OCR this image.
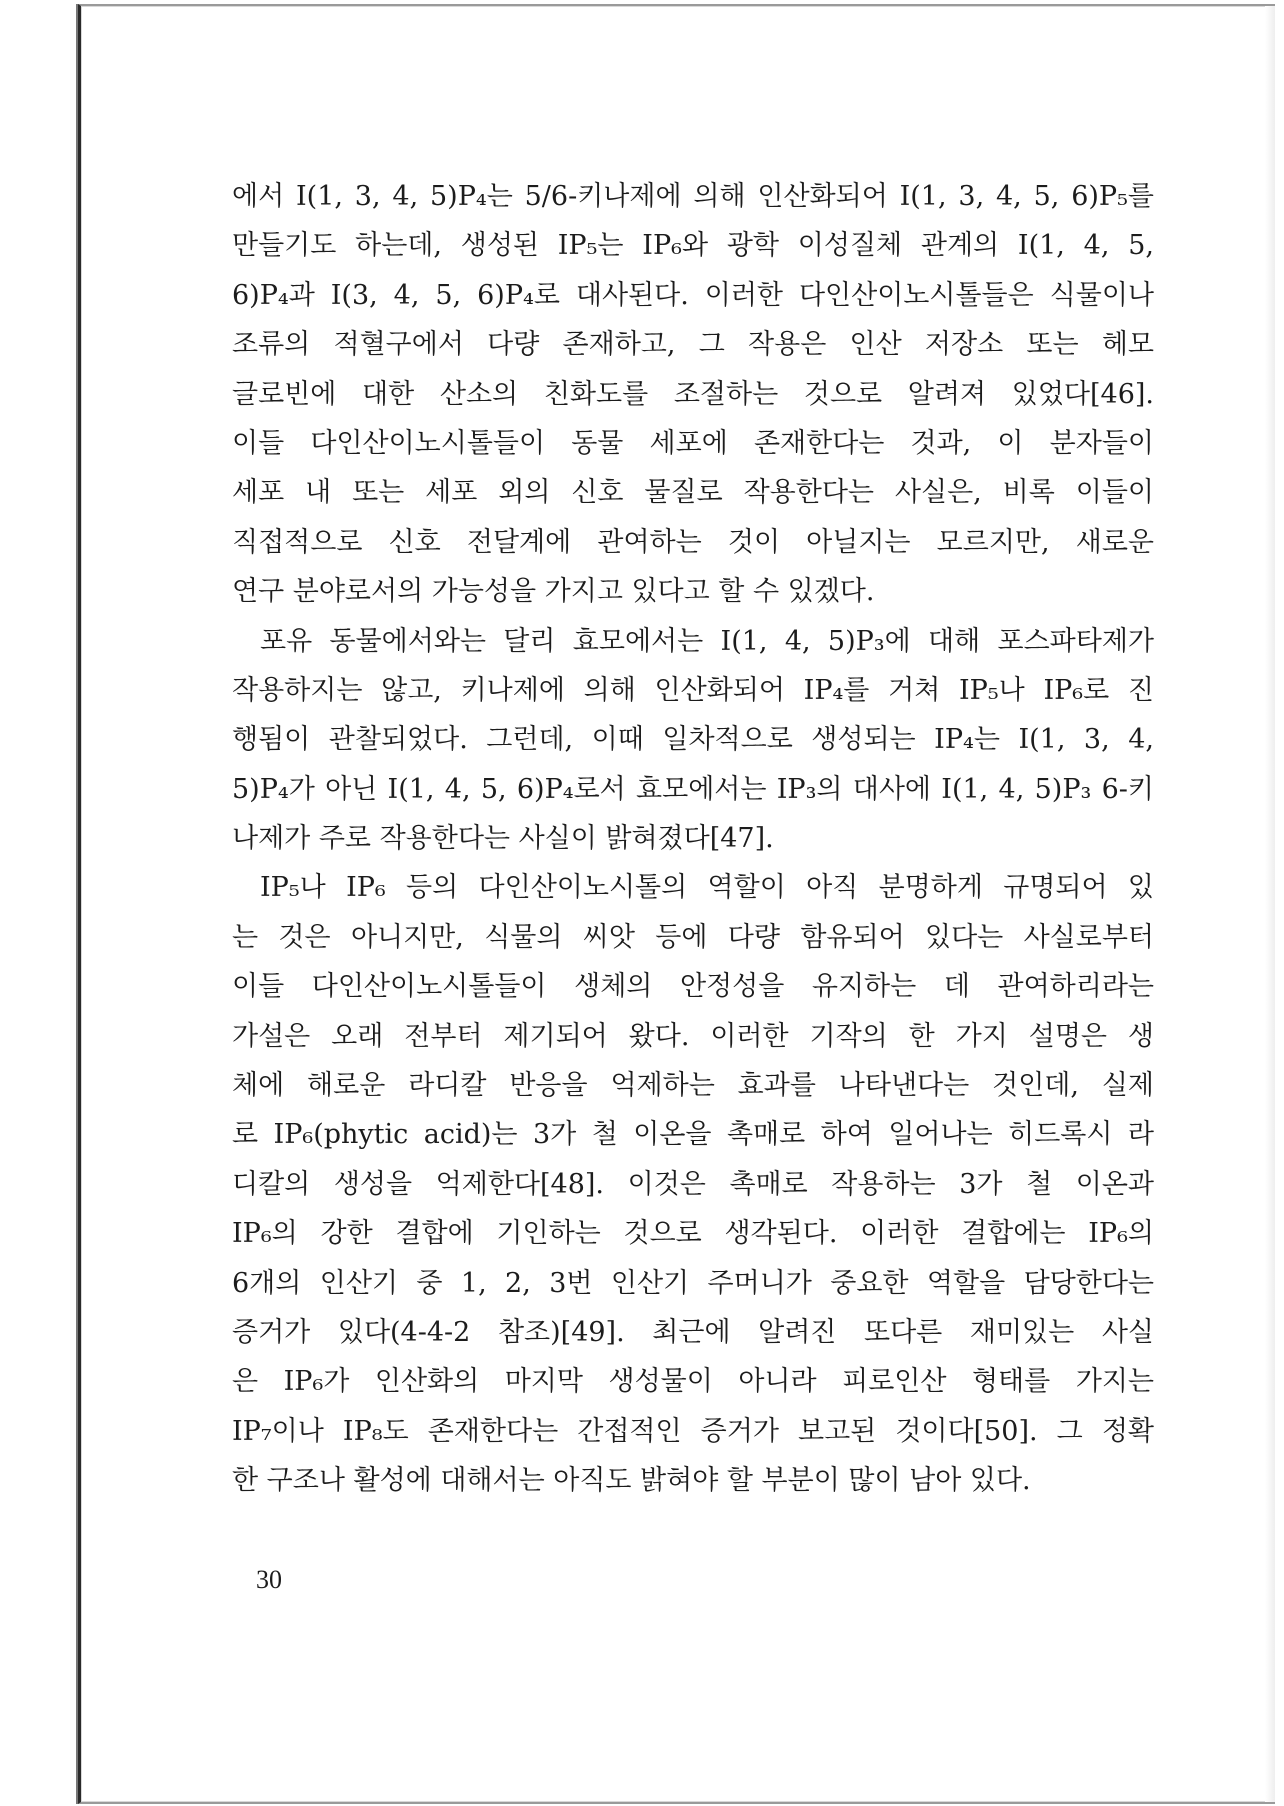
에서 I(1, 3, 4, 5)P₄는 5/6-키나제에 의해 인산화되어 I(1, 3, 4, 5, 6)P₅를
만들기도 하는데, 생성된 IP₅는 IP₆와 광학 이성질체 관계의 I(1, 4, 5,
6)P₄과 I(3, 4, 5, 6)P₄로 대사된다. 이러한 다인산이노시톨들은 식물이나
조류의 적혈구에서 다량 존재하고, 그 작용은 인산 저장소 또는 헤모
글로빈에 대한 산소의 친화도를 조절하는 것으로 알려져 있었다[46].
이들 다인산이노시톨들이 동물 세포에 존재한다는 것과, 이 분자들이
세포 내 또는 세포 외의 신호 물질로 작용한다는 사실은, 비록 이들이
직접적으로 신호 전달계에 관여하는 것이 아닐지는 모르지만, 새로운
연구 분야로서의 가능성을 가지고 있다고 할 수 있겠다.
포유 동물에서와는 달리 효모에서는 I(1, 4, 5)P₃에 대해 포스파타제가
작용하지는 않고, 키나제에 의해 인산화되어 IP₄를 거쳐 IP₅나 IP₆로 진
행됨이 관찰되었다. 그런데, 이때 일차적으로 생성되는 IP₄는 I(1, 3, 4,
5)P₄가 아닌 I(1, 4, 5, 6)P₄로서 효모에서는 IP₃의 대사에 I(1, 4, 5)P₃ 6-키
나제가 주로 작용한다는 사실이 밝혀졌다[47].
IP₅나 IP₆ 등의 다인산이노시톨의 역할이 아직 분명하게 규명되어 있
는 것은 아니지만, 식물의 씨앗 등에 다량 함유되어 있다는 사실로부터
이들 다인산이노시톨들이 생체의 안정성을 유지하는 데 관여하리라는
가설은 오래 전부터 제기되어 왔다. 이러한 기작의 한 가지 설명은 생
체에 해로운 라디칼 반응을 억제하는 효과를 나타낸다는 것인데, 실제
로 IP₆(phytic acid)는 3가 철 이온을 촉매로 하여 일어나는 히드록시 라
디칼의 생성을 억제한다[48]. 이것은 촉매로 작용하는 3가 철 이온과
IP₆의 강한 결합에 기인하는 것으로 생각된다. 이러한 결합에는 IP₆의
6개의 인산기 중 1, 2, 3번 인산기 주머니가 중요한 역할을 담당한다는
증거가 있다(4-4-2 참조)[49]. 최근에 알려진 또다른 재미있는 사실
은 IP₆가 인산화의 마지막 생성물이 아니라 피로인산 형태를 가지는
IP₇이나 IP₈도 존재한다는 간접적인 증거가 보고된 것이다[50]. 그 정확
한 구조나 활성에 대해서는 아직도 밝혀야 할 부분이 많이 남아 있다.
30
